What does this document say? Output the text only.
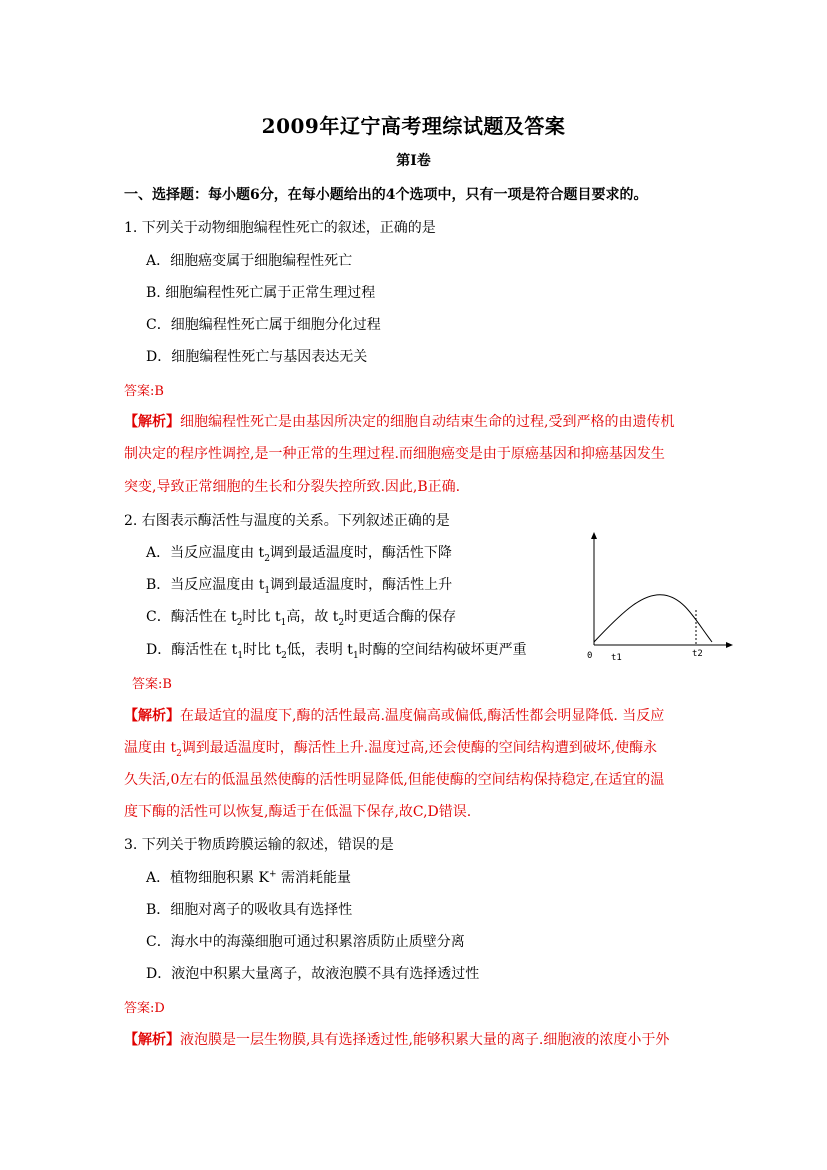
2009年辽宁高考理综试题及答案
第Ⅰ卷
一、选择题：每小题6分，在每小题给出的4个选项中，只有一项是符合题目要求的。
1. 下列关于动物细胞编程性死亡的叙述，正确的是
A．细胞癌变属于细胞编程性死亡
B. 细胞编程性死亡属于正常生理过程
C．细胞编程性死亡属于细胞分化过程
D．细胞编程性死亡与基因表达无关
答案:B
【解析】细胞编程性死亡是由基因所决定的细胞自动结束生命的过程,受到严格的由遗传机
制决定的程序性调控,是一种正常的生理过程.而细胞癌变是由于原癌基因和抑癌基因发生
突变,导致正常细胞的生长和分裂失控所致.因此,B正确.
2. 右图表示酶活性与温度的关系。下列叙述正确的是
A．当反应温度由 $t_2$调到最适温度时，酶活性下降
B．当反应温度由 $t_1$调到最适温度时，酶活性上升
C．酶活性在 $t_2$时比 $t_1$高，故 $t_2$时更适合酶的保存
D．酶活性在 $t_1$时比 $t_2$低，表明 $t_1$时酶的空间结构破坏更严重	0 t1	t2
答案:B
【解析】在最适宜的温度下,酶的活性最高.温度偏高或偏低,酶活性都会明显降低. 当反应
温度由 $t_2$调到最适温度时，酶活性上升.温度过高,还会使酶的空间结构遭到破坏,使酶永
久失活,0左右的低温虽然使酶的活性明显降低,但能使酶的空间结构保持稳定,在适宜的温
度下酶的活性可以恢复,酶适于在低温下保存,故C,D错误.
3. 下列关于物质跨膜运输的叙述，错误的是
A．植物细胞积累 K+ 需消耗能量
B．细胞对离子的吸收具有选择性
C．海水中的海藻细胞可通过积累溶质防止质壁分离
D．液泡中积累大量离子，故液泡膜不具有选择透过性
答案:D
【解析】液泡膜是一层生物膜,具有选择透过性,能够积累大量的离子.细胞液的浓度小于外
